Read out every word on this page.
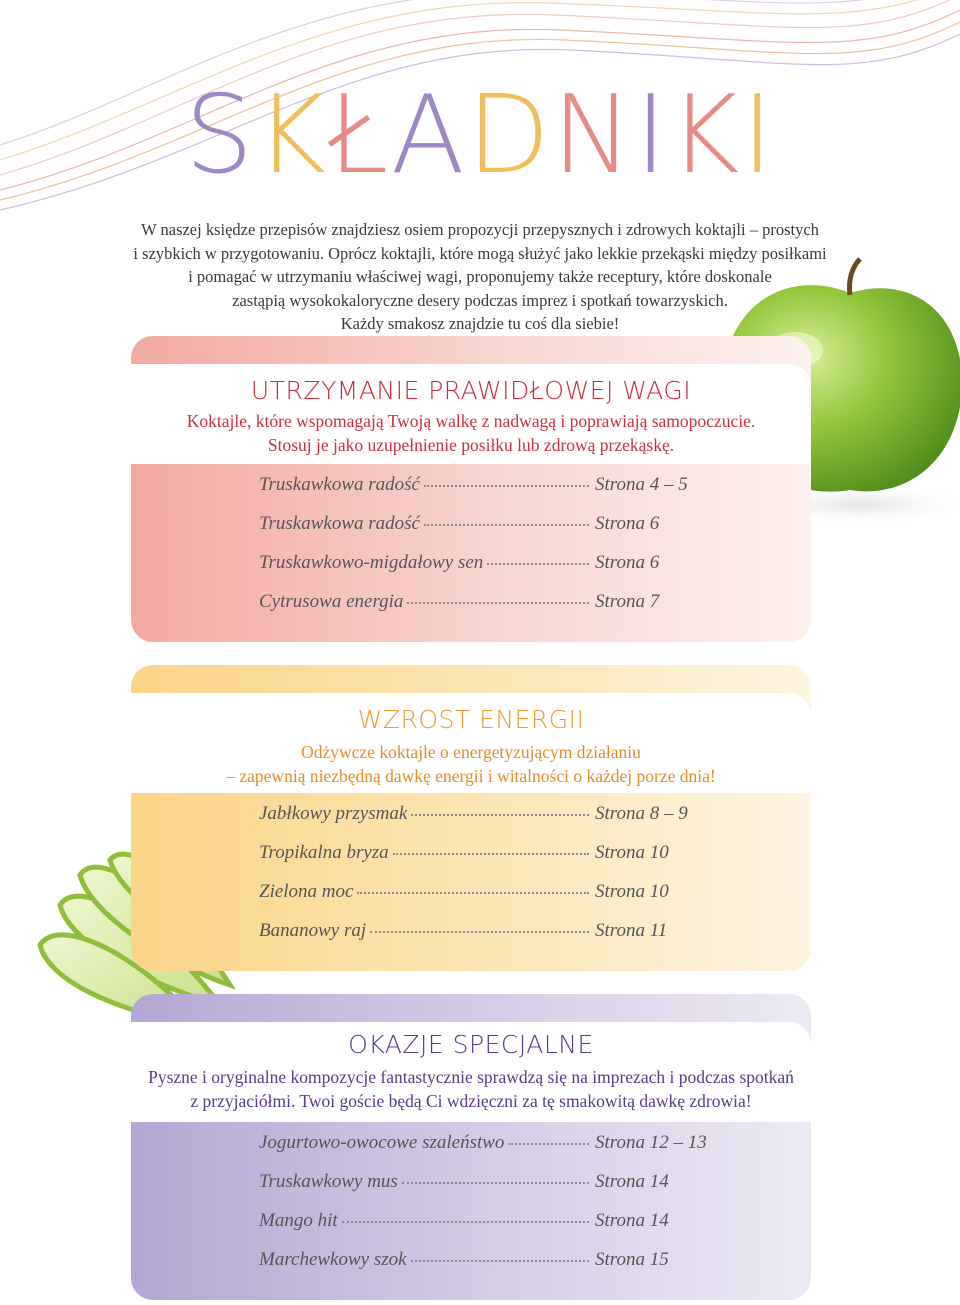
SKŁADNIKI

W naszej księdze przepisów znajdziesz osiem propozycji przepysznych i zdrowych koktajli – prostych

i szybkich w przygotowaniu. Oprócz koktajli, które mogą służyć jako lekkie przekąski między posiłkami

i pomagać w utrzymaniu właściwej wagi, proponujemy także receptury, które doskonale

zastąpią wysokokaloryczne desery podczas imprez i spotkań towarzyskich.

Każdy smakosz znajdzie tu coś dla siebie!

UTRZYMANIE PRAWIDŁOWEJ WAGI
Koktajle, które wspomagają Twoją walkę z nadwagą i poprawiają samopoczucie.
Stosuj je jako uzupełnienie posiłku lub zdrową przekąskę.
Truskawkowa radość	Strona 4 – 5
Truskawkowa radość	Strona 6
Truskawkowo-migdałowy sen	Strona 6
Cytrusowa energia	Strona 7
WZROST ENERGII
Odżywcze koktajle o energetyzującym działaniu
– zapewnią niezbędną dawkę energii i witalności o każdej porze dnia!
Jabłkowy przysmak	Strona 8 – 9
Tropikalna bryza	Strona 10
Zielona moc	Strona 10
Bananowy raj	Strona 11
OKAZJE SPECJALNE
Pyszne i oryginalne kompozycje fantastycznie sprawdzą się na imprezach i podczas spotkań
z przyjaciółmi. Twoi goście będą Ci wdzięczni za tę smakowitą dawkę zdrowia!
Jogurtowo-owocowe szaleństwo	Strona 12 – 13
Truskawkowy mus	Strona 14
Mango hit	Strona 14
Marchewkowy szok	Strona 15
